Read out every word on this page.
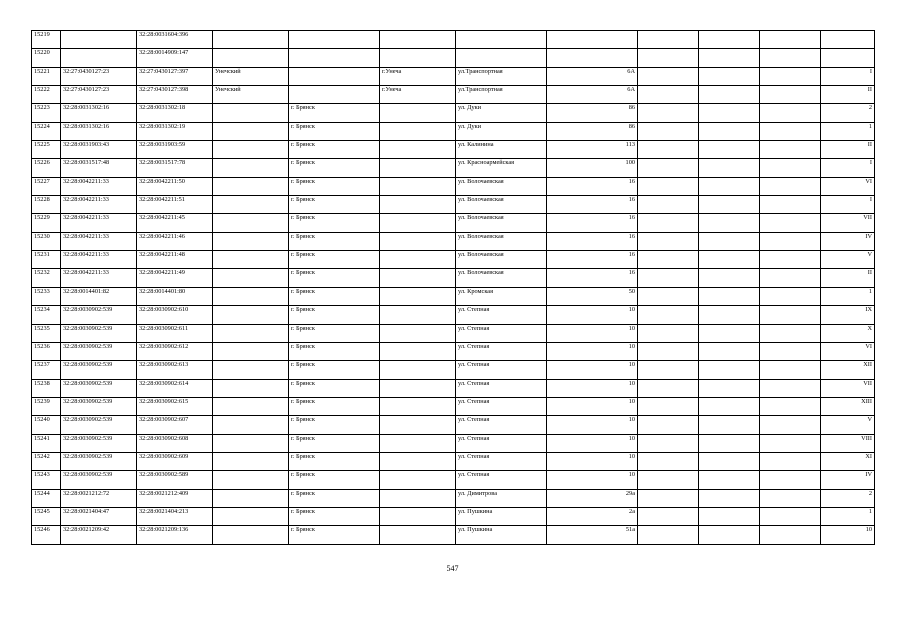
15219		32:28:0031604:396									
15220		32:28:0014909:147									
15221	32:27:0430127:23	32:27:0430127:397	Унечский		г.Унеча	ул.Транспортная	6А				I
15222	32:27:0430127:23	32:27:0430127:398	Унечский		г.Унеча	ул.Транспортная	6А				II
15223	32:28:0031302:16	32:28:0031302:18		г. Брянск		ул. Дуки	86				2
15224	32:28:0031302:16	32:28:0031302:19		г. Брянск		ул. Дуки	86				1
15225	32:28:0031903:43	32:28:0031903:59		г. Брянск		ул. Калинина	113				II
15226	32:28:0031517:48	32:28:0031517:78		г. Брянск		ул. Красноармейская	100				I
15227	32:28:0042211:33	32:28:0042211:50		г. Брянск		ул. Волочаевская	16				VI
15228	32:28:0042211:33	32:28:0042211:51		г. Брянск		ул. Волочаевская	16				I
15229	32:28:0042211:33	32:28:0042211:45		г. Брянск		ул. Волочаевская	16				VII
15230	32:28:0042211:33	32:28:0042211:46		г. Брянск		ул. Волочаевская	16				IV
15231	32:28:0042211:33	32:28:0042211:48		г. Брянск		ул. Волочаевская	16				V
15232	32:28:0042211:33	32:28:0042211:49		г. Брянск		ул. Волочаевская	16				II
15233	32:28:0014401:82	32:28:0014401:80		г. Брянск		ул. Кромская	50				1
15234	32:28:0030902:539	32:28:0030902:610		г. Брянск		ул. Степная	10				IX
15235	32:28:0030902:539	32:28:0030902:611		г. Брянск		ул. Степная	10				X
15236	32:28:0030902:539	32:28:0030902:612		г. Брянск		ул. Степная	10				VI
15237	32:28:0030902:539	32:28:0030902:613		г. Брянск		ул. Степная	10				XII
15238	32:28:0030902:539	32:28:0030902:614		г. Брянск		ул. Степная	10				VII
15239	32:28:0030902:539	32:28:0030902:615		г. Брянск		ул. Степная	10				XIII
15240	32:28:0030902:539	32:28:0030902:607		г. Брянск		ул. Степная	10				V
15241	32:28:0030902:539	32:28:0030902:608		г. Брянск		ул. Степная	10				VIII
15242	32:28:0030902:539	32:28:0030902:609		г. Брянск		ул. Степная	10				XI
15243	32:28:0030902:539	32:28:0030902:589		г. Брянск		ул. Степная	10				IV
15244	32:28:0021212:72	32:28:0021212:409		г. Брянск		ул. Димитрова	29а				2
15245	32:28:0021404:47	32:28:0021404:213		г. Брянск		ул. Пушкина	2а				1
15246	32:28:0021209:42	32:28:0021209:136		г. Брянск		ул. Пушкина	51а				10
547
